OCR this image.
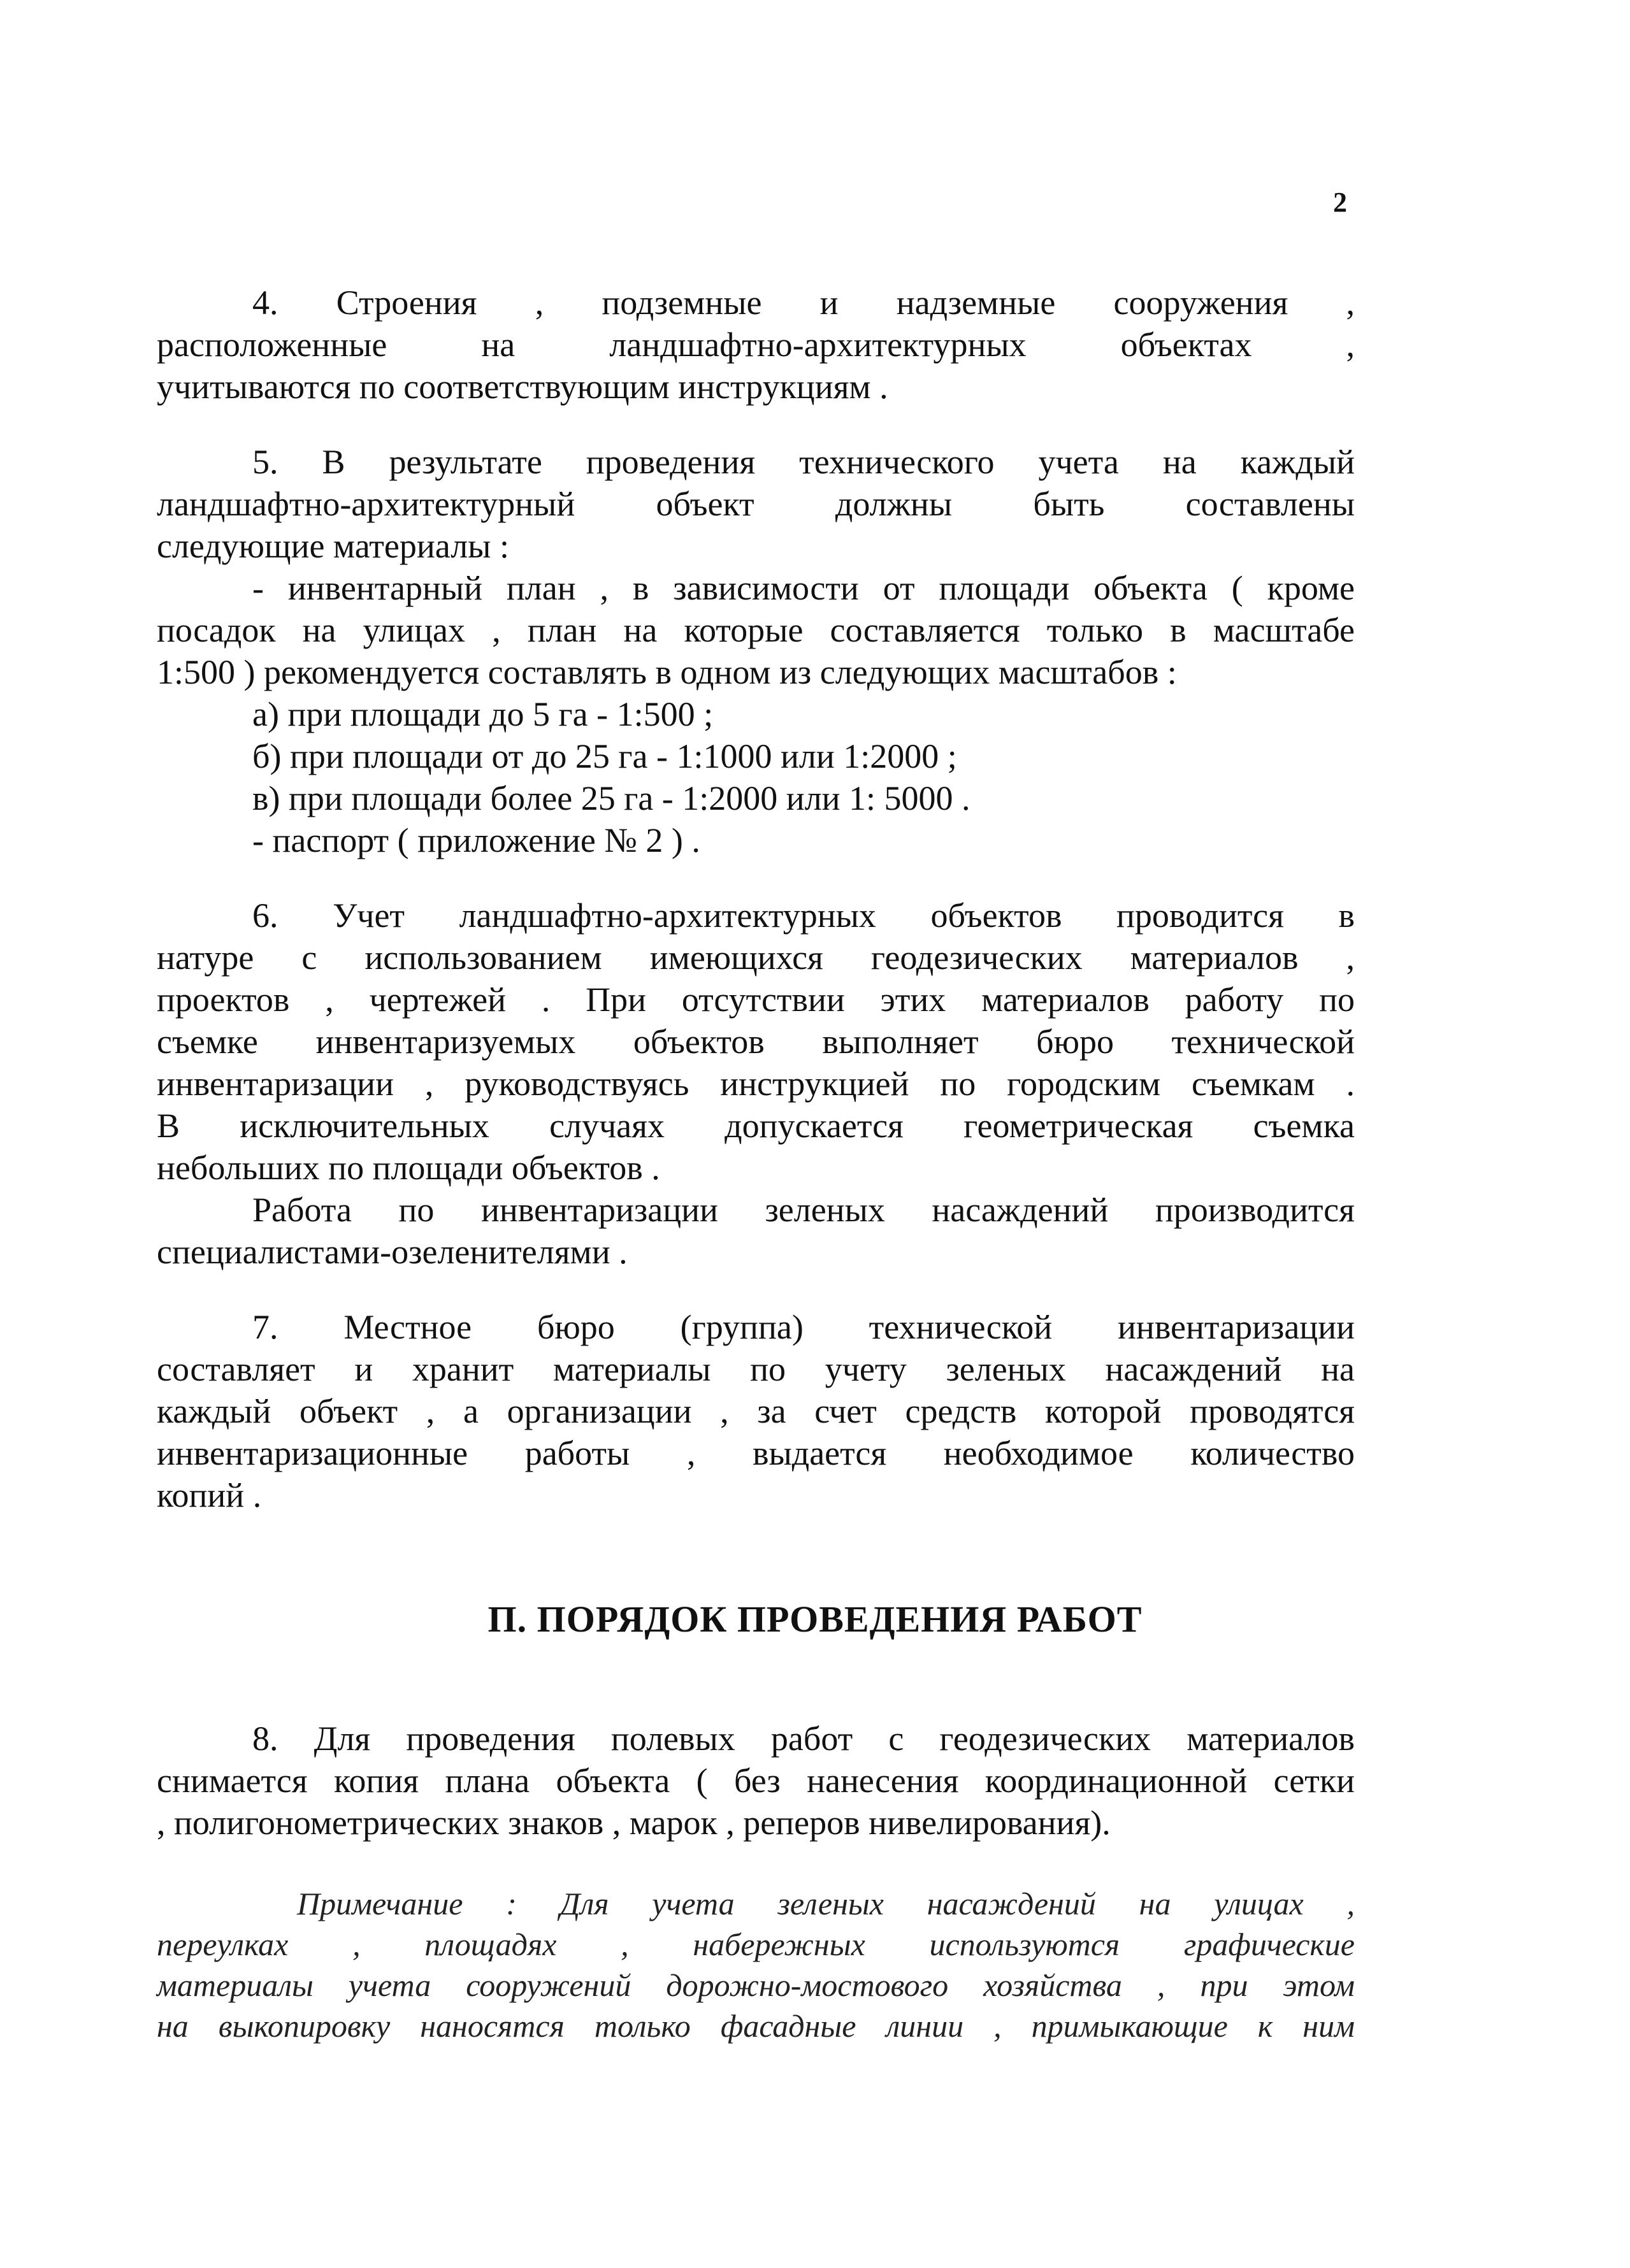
2
4. Строения , подземные и надземные сооружения ,
расположенные на ландшафтно-архитектурных объектах ,
учитываются по соответствующим инструкциям .
5. В результате проведения технического учета на каждый
ландшафтно-архитектурный объект должны быть составлены
следующие материалы :
- инвентарный план , в зависимости от площади объекта ( кроме
посадок на улицах , план на которые составляется только в масштабе
1:500 ) рекомендуется составлять в одном из следующих масштабов :
а) при площади до 5 га - 1:500 ;
б) при площади от до 25 га - 1:1000 или 1:2000 ;
в) при площади более 25 га - 1:2000 или 1: 5000 .
- паспорт ( приложение № 2 ) .
6. Учет ландшафтно-архитектурных объектов проводится в
натуре с использованием имеющихся геодезических материалов ,
проектов , чертежей . При отсутствии этих материалов работу по
съемке инвентаризуемых объектов выполняет бюро технической
инвентаризации , руководствуясь инструкцией по городским съемкам .
В исключительных случаях допускается геометрическая съемка
небольших по площади объектов .
Работа по инвентаризации зеленых насаждений производится
специалистами-озеленителями .
7. Местное бюро (группа) технической инвентаризации
составляет и хранит материалы по учету зеленых насаждений на
каждый объект , а организации , за счет средств которой проводятся
инвентаризационные работы , выдается необходимое количество
копий .
П. ПОРЯДОК ПРОВЕДЕНИЯ РАБОТ
8. Для проведения полевых работ с геодезических материалов
снимается копия плана объекта ( без нанесения координационной сетки
, полигонометрических знаков , марок , реперов нивелирования).
Примечание : Для учета зеленых насаждений на улицах ,
переулках , площадях , набережных используются графические
материалы учета сооружений дорожно-мостового хозяйства , при этом
на выкопировку наносятся только фасадные линии , примыкающие к ним
